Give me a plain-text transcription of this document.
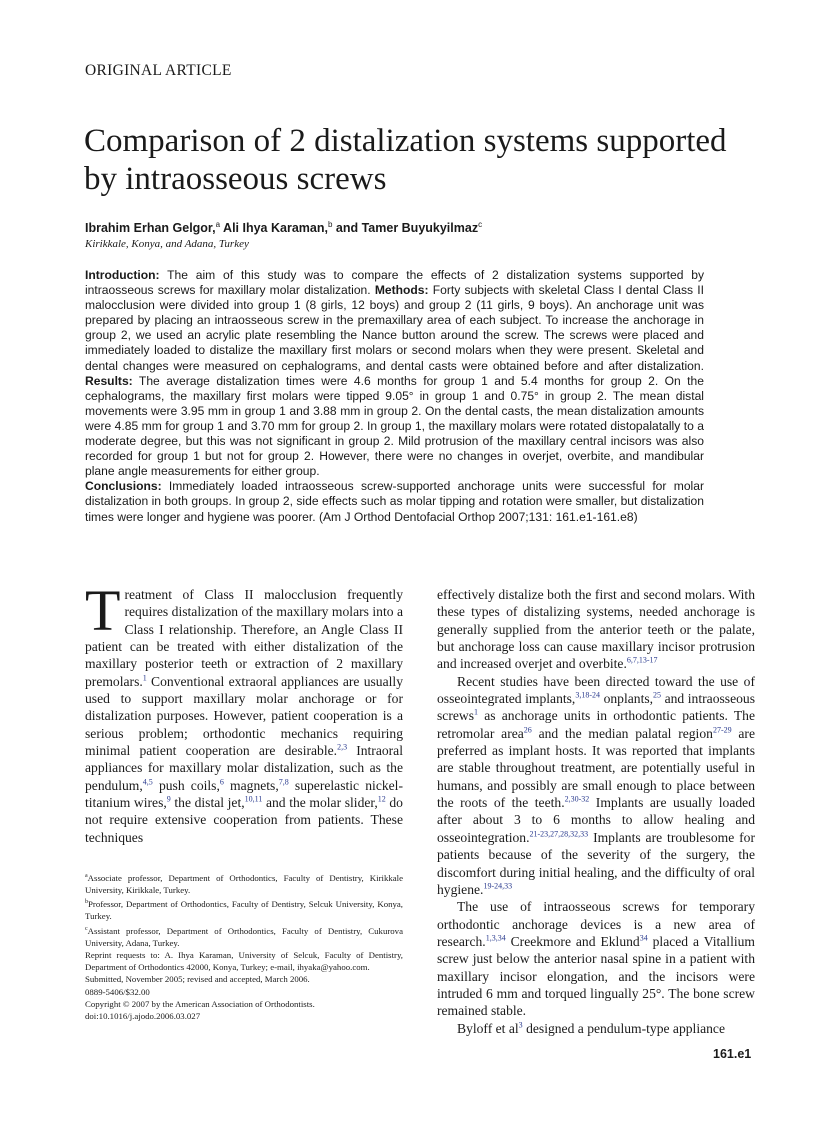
ORIGINAL ARTICLE
Comparison of 2 distalization systems supported by intraosseous screws
Ibrahim Erhan Gelgor,$^a$ Ali Ihya Karaman,$^b$ and Tamer Buyukyilmaz$^c$
Kirikkale, Konya, and Adana, Turkey
Introduction: The aim of this study was to compare the effects of 2 distalization systems supported by intraosseous screws for maxillary molar distalization. Methods: Forty subjects with skeletal Class I dental Class II malocclusion were divided into group 1 (8 girls, 12 boys) and group 2 (11 girls, 9 boys). An anchorage unit was prepared by placing an intraosseous screw in the premaxillary area of each subject. To increase the anchorage in group 2, we used an acrylic plate resembling the Nance button around the screw. The screws were placed and immediately loaded to distalize the maxillary first molars or second molars when they were present. Skeletal and dental changes were measured on cephalograms, and dental casts were obtained before and after distalization. Results: The average distalization times were 4.6 months for group 1 and 5.4 months for group 2. On the cephalograms, the maxillary first molars were tipped 9.05° in group 1 and 0.75° in group 2. The mean distal movements were 3.95 mm in group 1 and 3.88 mm in group 2. On the dental casts, the mean distalization amounts were 4.85 mm for group 1 and 3.70 mm for group 2. In group 1, the maxillary molars were rotated distopalatally to a moderate degree, but this was not significant in group 2. Mild protrusion of the maxillary central incisors was also recorded for group 1 but not for group 2. However, there were no changes in overjet, overbite, and mandibular plane angle measurements for either group.
Conclusions: Immediately loaded intraosseous screw-supported anchorage units were successful for molar distalization in both groups. In group 2, side effects such as molar tipping and rotation were smaller, but distalization times were longer and hygiene was poorer. (Am J Orthod Dentofacial Orthop 2007;131: 161.e1-161.e8)

Treatment of Class II malocclusion frequently requires distalization of the maxillary molars into a Class I relationship. Therefore, an Angle Class II patient can be treated with either distalization of the maxillary posterior teeth or extraction of 2 maxillary premolars.$^1$ Conventional extraoral appliances are usually used to support maxillary molar anchorage or for distalization purposes. However, patient cooperation is a serious problem; orthodontic mechanics requiring minimal patient cooperation are desirable.$^{2,3}$ Intraoral appliances for maxillary molar distalization, such as the pendulum,$^{4,5}$ push coils,$^6$ magnets,$^{7,8}$ superelastic nickel-titanium wires,$^9$ the distal jet,$^{10,11}$ and the molar slider,$^{12}$ do not require extensive cooperation from patients. These techniques

effectively distalize both the first and second molars. With these types of distalizing systems, needed anchorage is generally supplied from the anterior teeth or the palate, but anchorage loss can cause maxillary incisor protrusion and increased overjet and overbite.$^{6,7,13-17}$

Recent studies have been directed toward the use of osseointegrated implants,$^{3,18-24}$ onplants,$^{25}$ and intraosseous screws$^1$ as anchorage units in orthodontic patients. The retromolar area$^{26}$ and the median palatal region$^{27-29}$ are preferred as implant hosts. It was reported that implants are stable throughout treatment, are potentially useful in humans, and possibly are small enough to place between the roots of the teeth.$^{2,30-32}$ Implants are usually loaded after about 3 to 6 months to allow healing and osseointegration.$^{21-23,27,28,32,33}$ Implants are troublesome for patients because of the severity of the surgery, the discomfort during initial healing, and the difficulty of oral hygiene.$^{19-24,33}$

The use of intraosseous screws for temporary orthodontic anchorage devices is a new area of research.$^{1,3,34}$ Creekmore and Eklund$^{34}$ placed a Vitallium screw just below the anterior nasal spine in a patient with maxillary incisor elongation, and the incisors were intruded 6 mm and torqued lingually 25°. The bone screw remained stable.

Byloff et $al^3$ designed a pendulum-type appliance

$^a$Associate professor, Department of Orthodontics, Faculty of Dentistry, Kirikkale University, Kirikkale, Turkey.

$^b$Professor, Department of Orthodontics, Faculty of Dentistry, Selcuk University, Konya, Turkey.

$^c$Assistant professor, Department of Orthodontics, Faculty of Dentistry, Cukurova University, Adana, Turkey.

Reprint requests to: A. Ihya Karaman, University of Selcuk, Faculty of Dentistry, Department of Orthodontics 42000, Konya, Turkey; e-mail, ihyaka@yahoo.com.

Submitted, November 2005; revised and accepted, March 2006.

0889-5406/$32.00

Copyright © 2007 by the American Association of Orthodontists.

doi:10.1016/j.ajodo.2006.03.027

161.e1
